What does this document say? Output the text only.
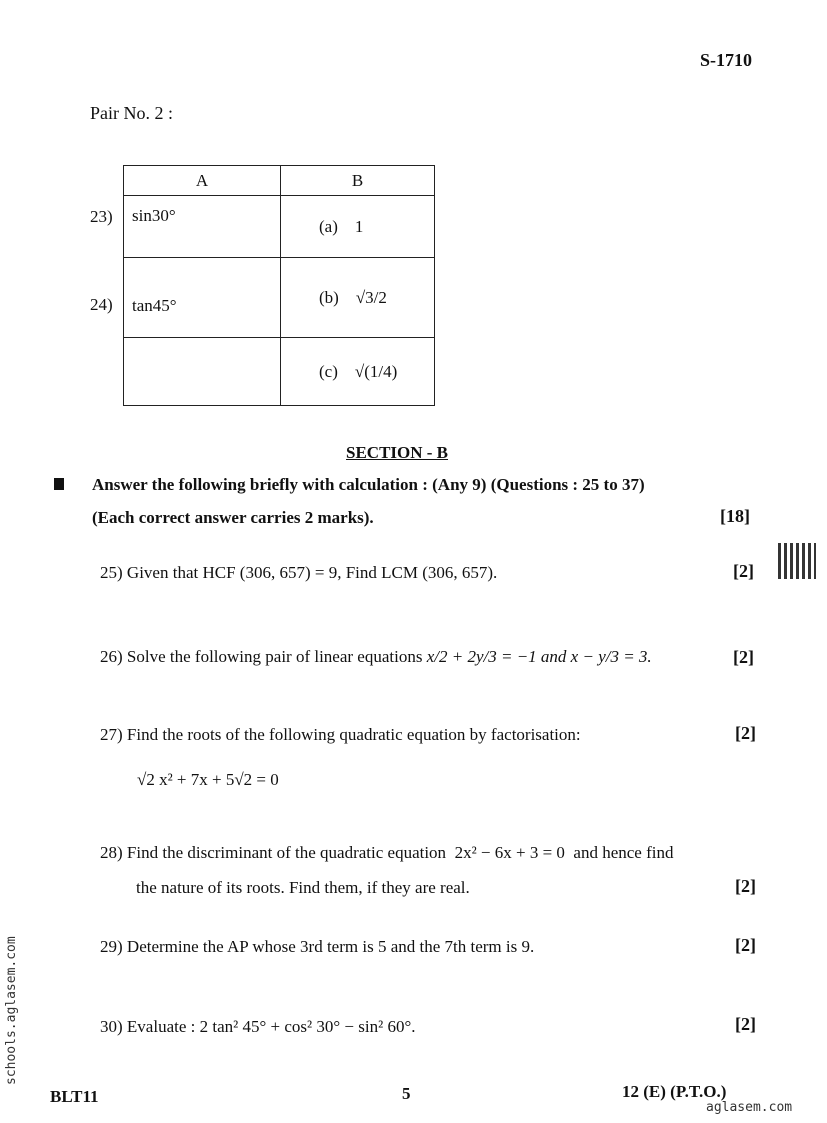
S-1710
Pair No. 2 :
23)
24)
A	B
sin30°	(a) 1
tan45°	(b) √3/2
	(c) √(1/4)
SECTION - B
Answer the following briefly with calculation : (Any 9) (Questions : 25 to 37)
(Each correct answer carries 2 marks).	[18]
25) Given that HCF (306, 657) = 9, Find LCM (306, 657).	[2]
26) Solve the following pair of linear equations x/2 + 2y/3 = −1 and x − y/3 = 3.	[2]
27) Find the roots of the following quadratic equation by factorisation:
√2 x² + 7x + 5√2 = 0
[2]
28) Find the discriminant of the quadratic equation 2x² − 6x + 3 = 0 and hence find
the nature of its roots. Find them, if they are real.	[2]
29) Determine the AP whose 3rd term is 5 and the 7th term is 9.	[2]
30) Evaluate : 2 tan² 45° + cos² 30° − sin² 60°.	[2]
BLT11	5	12 (E) (P.T.O.)
aglasem.com
schools.aglasem.com
